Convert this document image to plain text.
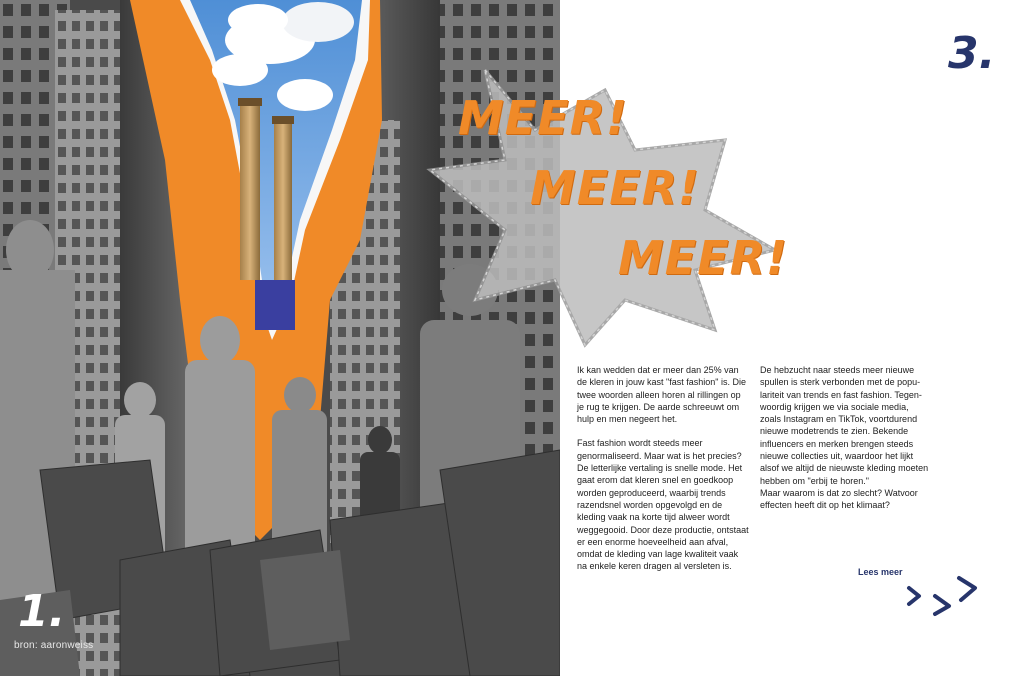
1.
bron: aaronweiss
3.
MEER!
MEER!
MEER!

Ik kan wedden dat er meer dan 25% van de kleren in jouw kast "fast fashion" is. Die twee woorden alleen horen al rillingen op je rug te krijgen. De aarde schreeuwt om hulp en men negeert het.

Fast fashion wordt steeds meer genormaliseerd. Maar wat is het precies? De letterlijke vertaling is snelle mode. Het gaat erom dat kleren snel en goedkoop worden geproduceerd, waarbij trends razendsnel worden opgevolgd en de kleding vaak na korte tijd alweer wordt weggegooid. Door deze productie, ontstaat er een enorme hoeveelheid aan afval, omdat de kleding van lage kwaliteit vaak na enkele keren dragen al versleten is.

De hebzucht naar steeds meer nieuwe spullen is sterk verbonden met de popu- lariteit van trends en fast fashion. Tegen- woordig krijgen we via sociale media, zoals Instagram en TikTok, voortdurend nieuwe modetrends te zien. Bekende influencers en merken brengen steeds nieuwe collecties uit, waardoor het lijkt alsof we altijd de nieuwste kleding moeten hebben om "erbij te horen."

Maar waarom is dat zo slecht? Watvoor effecten heeft dit op het klimaat?

Lees meer
